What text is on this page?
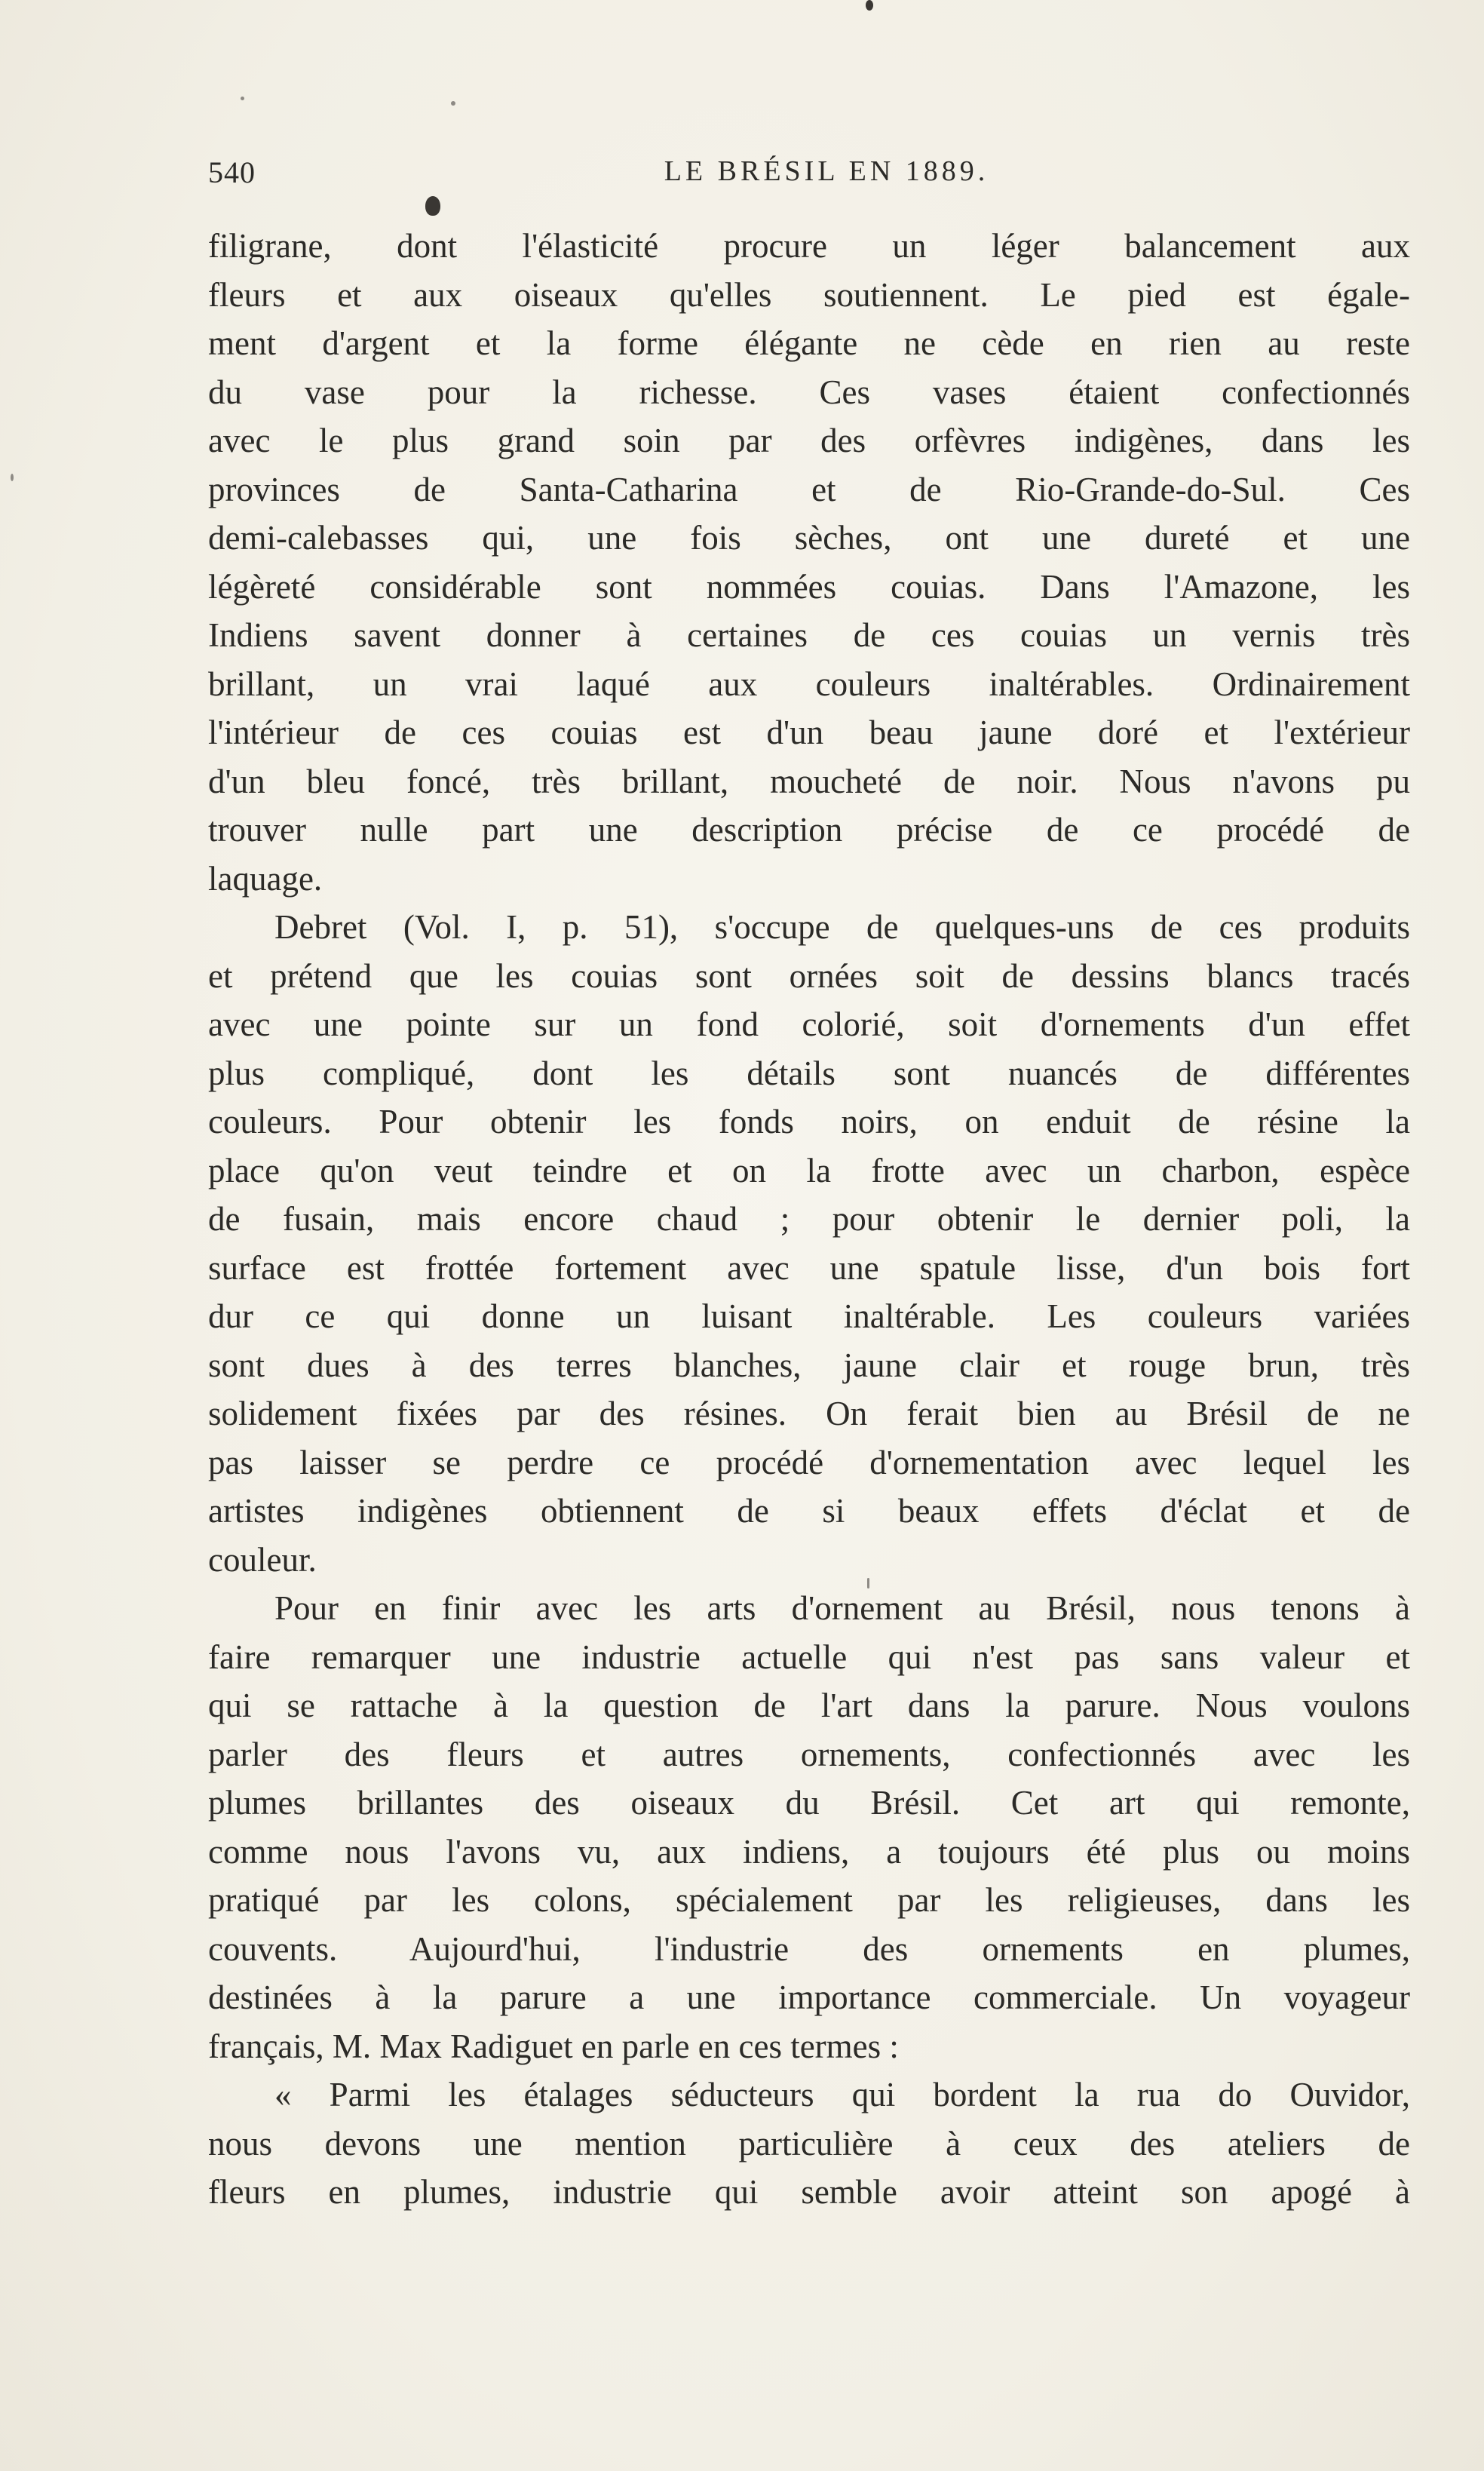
540	LE BRÉSIL EN 1889.
filigrane, dont l'élasticité procure un léger balancement aux
fleurs et aux oiseaux qu'elles soutiennent. Le pied est égale-
ment d'argent et la forme élégante ne cède en rien au reste
du vase pour la richesse. Ces vases étaient confectionnés
avec le plus grand soin par des orfèvres indigènes, dans les
provinces de Santa-Catharina et de Rio-Grande-do-Sul. Ces
demi-calebasses qui, une fois sèches, ont une dureté et une
légèreté considérable sont nommées couias. Dans l'Amazone, les
Indiens savent donner à certaines de ces couias un vernis très
brillant, un vrai laqué aux couleurs inaltérables. Ordinairement
l'intérieur de ces couias est d'un beau jaune doré et l'extérieur
d'un bleu foncé, très brillant, moucheté de noir. Nous n'avons pu
trouver nulle part une description précise de ce procédé de
laquage.
Debret (Vol. I, p. 51), s'occupe de quelques-uns de ces produits
et prétend que les couias sont ornées soit de dessins blancs tracés
avec une pointe sur un fond colorié, soit d'ornements d'un effet
plus compliqué, dont les détails sont nuancés de différentes
couleurs. Pour obtenir les fonds noirs, on enduit de résine la
place qu'on veut teindre et on la frotte avec un charbon, espèce
de fusain, mais encore chaud ; pour obtenir le dernier poli, la
surface est frottée fortement avec une spatule lisse, d'un bois fort
dur ce qui donne un luisant inaltérable. Les couleurs variées
sont dues à des terres blanches, jaune clair et rouge brun, très
solidement fixées par des résines. On ferait bien au Brésil de ne
pas laisser se perdre ce procédé d'ornementation avec lequel les
artistes indigènes obtiennent de si beaux effets d'éclat et de
couleur.
Pour en finir avec les arts d'ornement au Brésil, nous tenons à
faire remarquer une industrie actuelle qui n'est pas sans valeur et
qui se rattache à la question de l'art dans la parure. Nous voulons
parler des fleurs et autres ornements, confectionnés avec les
plumes brillantes des oiseaux du Brésil. Cet art qui remonte,
comme nous l'avons vu, aux indiens, a toujours été plus ou moins
pratiqué par les colons, spécialement par les religieuses, dans les
couvents. Aujourd'hui, l'industrie des ornements en plumes,
destinées à la parure a une importance commerciale. Un voyageur
français, M. Max Radiguet en parle en ces termes :
« Parmi les étalages séducteurs qui bordent la rua do Ouvidor,
nous devons une mention particulière à ceux des ateliers de
fleurs en plumes, industrie qui semble avoir atteint son apogé à
